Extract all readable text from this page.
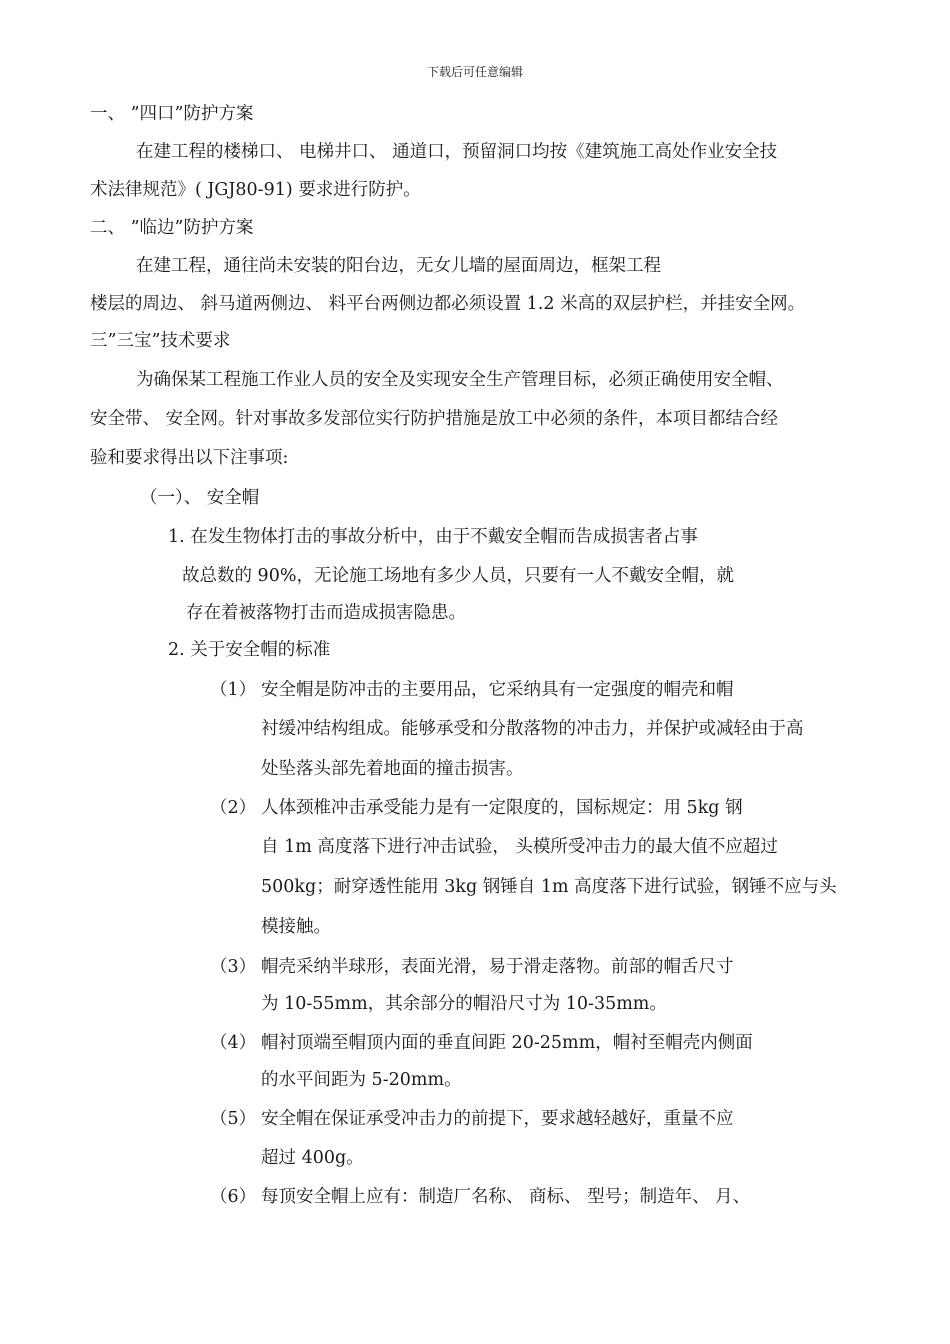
下载后可任意编辑
一、 ”四口”防护方案
在建工程的楼梯口、 电梯井口、 通道口，预留洞口均按《建筑施工高处作业安全技
术法律规范》( JGJ80-91) 要求进行防护。
二、 ”临边”防护方案
在建工程，通往尚未安装的阳台边，无女儿墙的屋面周边，框架工程
楼层的周边、 斜马道两侧边、 料平台两侧边都必须设置 1.2 米高的双层护栏，并挂安全网。
三”三宝”技术要求
为确保某工程施工作业人员的安全及实现安全生产管理目标，必须正确使用安全帽、
安全带、 安全网。针对事故多发部位实行防护措施是放工中必须的条件，本项目都结合经
验和要求得出以下注事项:
（一）、 安全帽
1. 在发生物体打击的事故分析中，由于不戴安全帽而告成损害者占事
故总数的 90%，无论施工场地有多少人员，只要有一人不戴安全帽，就
存在着被落物打击而造成损害隐患。
2. 关于安全帽的标准
（1） 安全帽是防冲击的主要用品，它采纳具有一定强度的帽壳和帽
衬缓冲结构组成。能够承受和分散落物的冲击力，并保护或减轻由于高
处坠落头部先着地面的撞击损害。
（2） 人体颈椎冲击承受能力是有一定限度的，国标规定：用 5kg 钢
自 1m 高度落下进行冲击试验， 头模所受冲击力的最大值不应超过
500kg；耐穿透性能用 3kg 钢锤自 1m 高度落下进行试验，钢锤不应与头
模接触。
（3） 帽壳采纳半球形，表面光滑，易于滑走落物。前部的帽舌尺寸
为 10-55mm，其余部分的帽沿尺寸为 10-35mm。
（4） 帽衬顶端至帽顶内面的垂直间距 20-25mm，帽衬至帽壳内侧面
的水平间距为 5-20mm。
（5） 安全帽在保证承受冲击力的前提下，要求越轻越好，重量不应
超过 400g。
（6） 每顶安全帽上应有：制造厂名称、 商标、 型号；制造年、 月、
